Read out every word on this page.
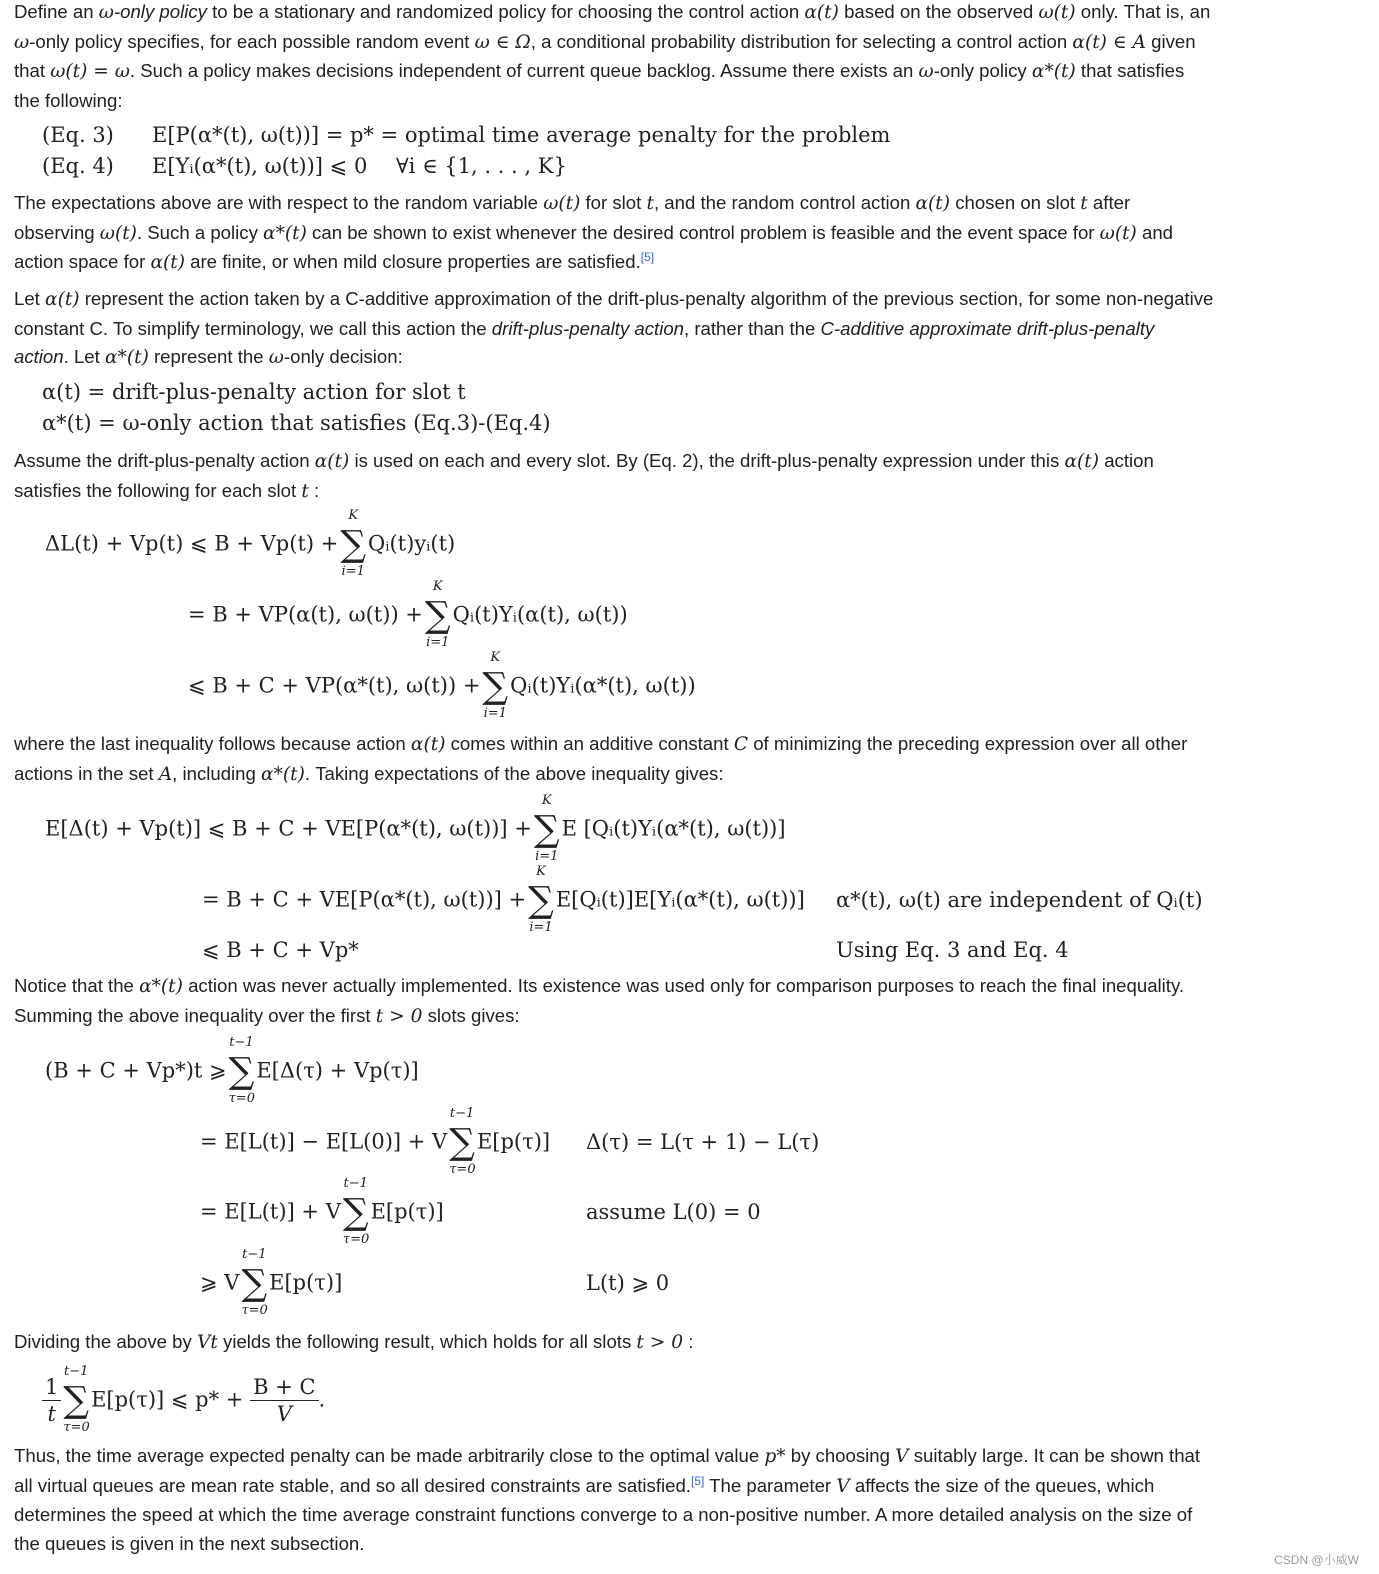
Define an ω-only policy to be a stationary and randomized policy for choosing the control action α(t) based on the observed ω(t) only. That is, an ω-only policy specifies, for each possible random event ω ∈ Ω, a conditional probability distribution for selecting a control action α(t) ∈ A given that ω(t) = ω. Such a policy makes decisions independent of current queue backlog. Assume there exists an ω-only policy α*(t) that satisfies the following:

(Eq. 3) E[P(α*(t), ω(t))] = p* = optimal time average penalty for the problem
(Eq. 4) E[Yᵢ(α*(t), ω(t))] ⩽ 0 ∀i ∈ {1, . . . , K}

The expectations above are with respect to the random variable ω(t) for slot t, and the random control action α(t) chosen on slot t after observing ω(t). Such a policy α*(t) can be shown to exist whenever the desired control problem is feasible and the event space for ω(t) and action space for α(t) are finite, or when mild closure properties are satisfied.[5]

Let α(t) represent the action taken by a C-additive approximation of the drift-plus-penalty algorithm of the previous section, for some non-negative constant C. To simplify terminology, we call this action the drift-plus-penalty action, rather than the C-additive approximate drift-plus-penalty action. Let α*(t) represent the ω-only decision:

α(t) = drift-plus-penalty action for slot t
α*(t) = ω-only action that satisfies (Eq.3)-(Eq.4)

Assume the drift-plus-penalty action α(t) is used on each and every slot. By (Eq. 2), the drift-plus-penalty expression under this α(t) action satisfies the following for each slot t :

ΔL(t) + Vp(t) ⩽ B + Vp(t) +
K
∑
i=1
Qᵢ(t)yᵢ(t)
= B + VP(α(t), ω(t)) +
K
∑
i=1
Qᵢ(t)Yᵢ(α(t), ω(t))
⩽ B + C + VP(α*(t), ω(t)) +
K
∑
i=1
Qᵢ(t)Yᵢ(α*(t), ω(t))

where the last inequality follows because action α(t) comes within an additive constant C of minimizing the preceding expression over all other actions in the set A, including α*(t). Taking expectations of the above inequality gives:

E[Δ(t) + Vp(t)] ⩽ B + C + VE[P(α*(t), ω(t))] +
K
∑
i=1
E [Qᵢ(t)Yᵢ(α*(t), ω(t))]
= B + C + VE[P(α*(t), ω(t))] +
K
∑
i=1
E[Qᵢ(t)]E[Yᵢ(α*(t), ω(t))] α*(t), ω(t) are independent of Qᵢ(t)
⩽ B + C + Vp*	Using Eq. 3 and Eq. 4

Notice that the α*(t) action was never actually implemented. Its existence was used only for comparison purposes to reach the final inequality. Summing the above inequality over the first t > 0 slots gives:

(B + C + Vp*)t ⩾
t−1
∑
τ=0
E[Δ(τ) + Vp(τ)]
= E[L(t)] − E[L(0)] + V
t−1
∑
τ=0
E[p(τ)] Δ(τ) = L(τ + 1) − L(τ)
= E[L(t)] + V
t−1
∑
τ=0
E[p(τ)]	assume L(0) = 0
⩾ V
t−1
∑
τ=0
E[p(τ)]	L(t) ⩾ 0

Dividing the above by Vt yields the following result, which holds for all slots t > 0 :

$\frac{1}{t}$
t−1
∑
τ=0
E[p(τ)] ⩽ $p* + \frac{B + C}{V}$ .

Thus, the time average expected penalty can be made arbitrarily close to the optimal value p* by choosing V suitably large. It can be shown that all virtual queues are mean rate stable, and so all desired constraints are satisfied.[5] The parameter V affects the size of the queues, which determines the speed at which the time average constraint functions converge to a non-positive number. A more detailed analysis on the size of the queues is given in the next subsection.

CSDN @小威W
